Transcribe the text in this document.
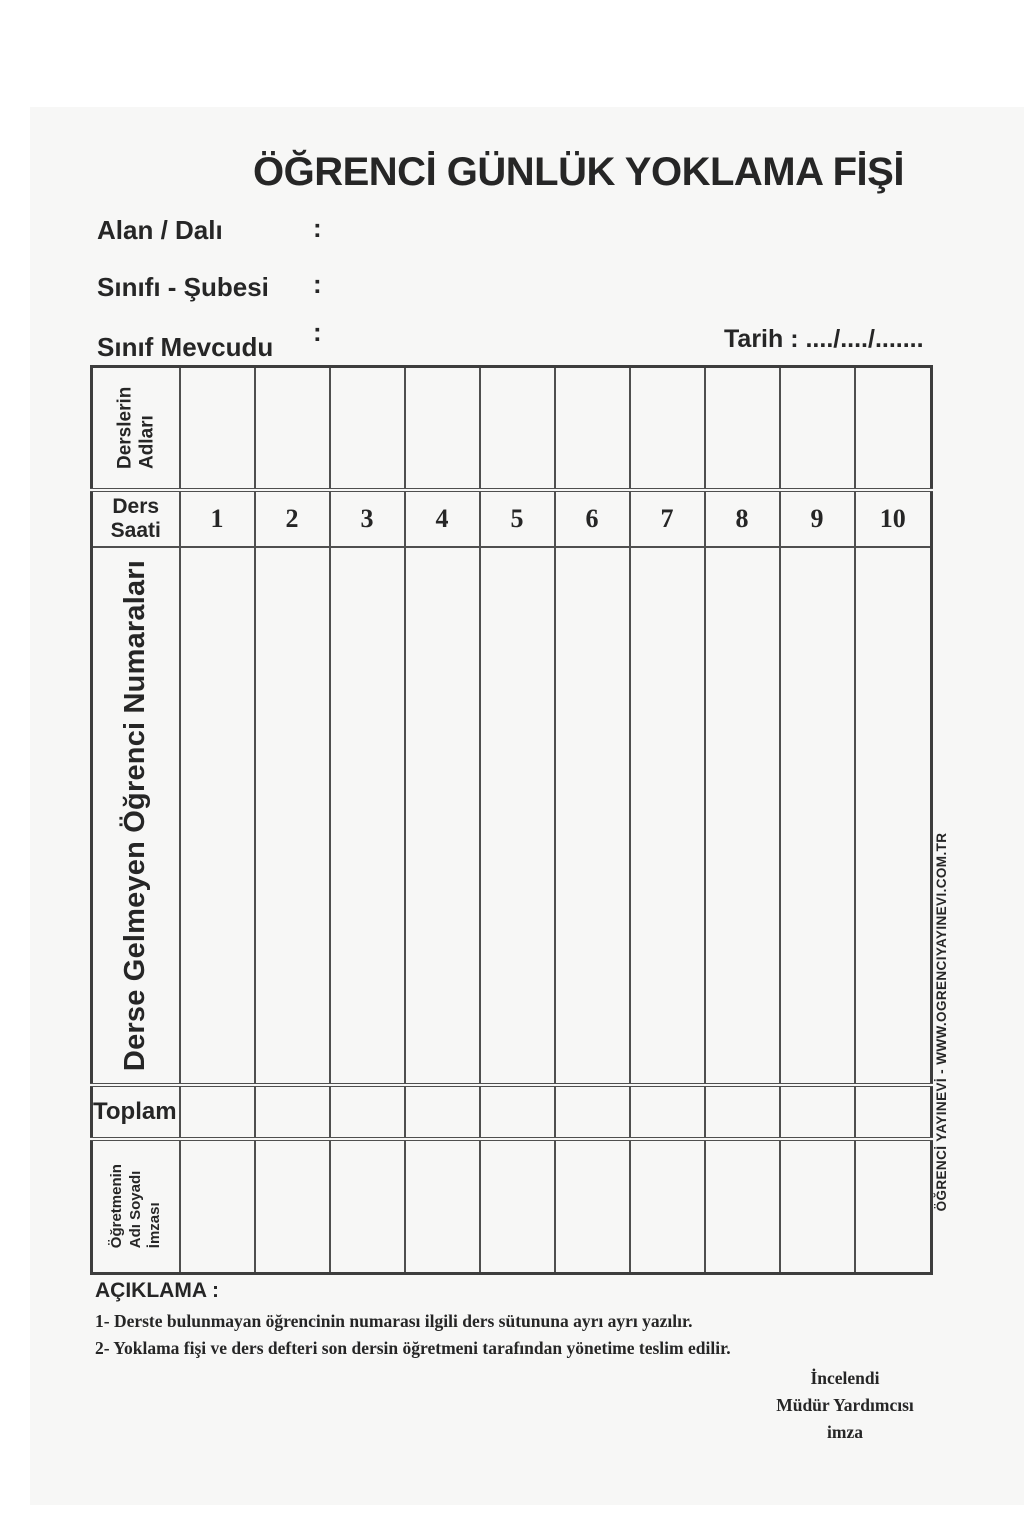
ÖĞRENCİ GÜNLÜK YOKLAMA FİŞİ
Alan / Dalı	:
Sınıfı - Şubesi :
Sınıf Mevcudu :	Tarih : ..../..../.......
Derslerin Adları										

Ders
Saati	1	2	3	4	5	6	7	8	9	10

Derse Gelmeyen Öğrenci Numaraları										

Toplam										

Öğretmenin Adı Soyadı İmzası										

AÇIKLAMA :
1- Derste bulunmayan öğrencinin numarası ilgili ders sütununa ayrı ayrı yazılır.
2- Yoklama fişi ve ders defteri son dersin öğretmeni tarafından yönetime teslim edilir.
İncelendi
Müdür Yardımcısı
imza
ÖĞRENCİ YAYINEVİ - WWW.OGRENCIYAYINEVI.COM.TR
